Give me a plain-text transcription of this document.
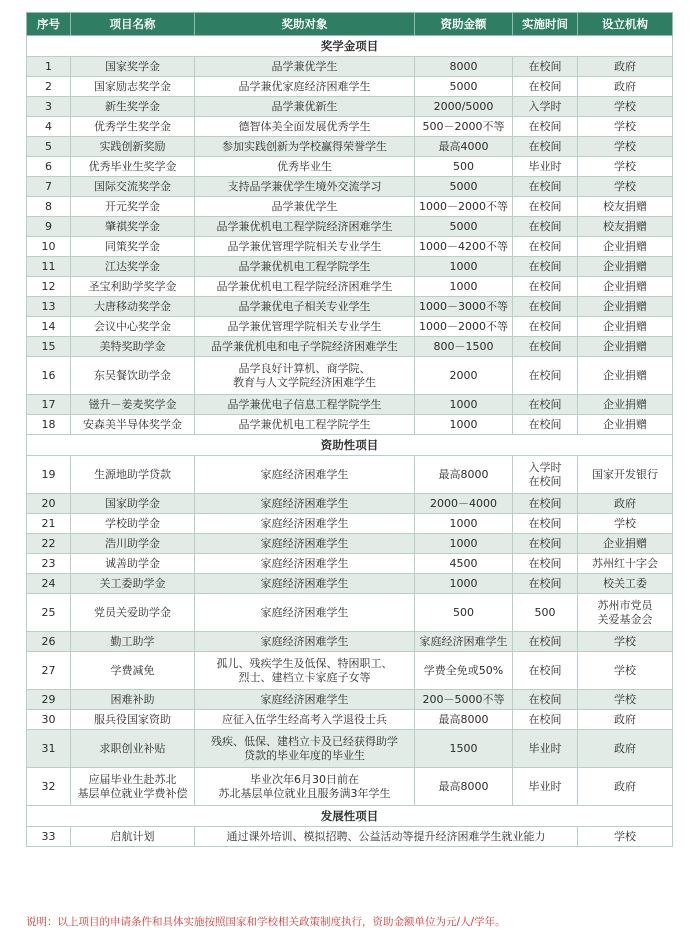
序号	项目名称	奖助对象	资助金额	实施时间	设立机构
奖学金项目					
1	国家奖学金	品学兼优学生	8000	在校间	政府
2	国家励志奖学金	品学兼优家庭经济困难学生	5000	在校间	政府
3	新生奖学金	品学兼优新生	2000/5000	入学时	学校
4	优秀学生奖学金	德智体美全面发展优秀学生	500－2000不等	在校间	学校
5	实践创新奖励	参加实践创新为学校赢得荣誉学生	最高4000	在校间	学校
6	优秀毕业生奖学金	优秀毕业生	500	毕业时	学校
7	国际交流奖学金	支持品学兼优学生境外交流学习	5000	在校间	学校
8	开元奖学金	品学兼优学生	1000－2000不等	在校间	校友捐赠
9	肇祺奖学金	品学兼优机电工程学院经济困难学生	5000	在校间	校友捐赠
10	同策奖学金	品学兼优管理学院相关专业学生	1000－4200不等	在校间	企业捐赠
11	江达奖学金	品学兼优机电工程学院学生	1000	在校间	企业捐赠
12	圣宝利助学奖学金	品学兼优机电工程学院经济困难学生	1000	在校间	企业捐赠
13	大唐移动奖学金	品学兼优电子相关专业学生	1000－3000不等	在校间	企业捐赠
14	会议中心奖学金	品学兼优管理学院相关专业学生	1000－2000不等	在校间	企业捐赠
15	美特奖助学金	品学兼优机电和电子学院经济困难学生	800－1500	在校间	企业捐赠
16	东吴餐饮助学金	品学良好计算机、商学院、
教育与人文学院经济困难学生	2000	在校间	企业捐赠
17	镃升－姜麦奖学金	品学兼优电子信息工程学院学生	1000	在校间	企业捐赠
18	安森美半导体奖学金	品学兼优机电工程学院学生	1000	在校间	企业捐赠
资助性项目					
19	生源地助学贷款	家庭经济困难学生	最高8000	入学时
在校间	国家开发银行
20	国家助学金	家庭经济困难学生	2000－4000	在校间	政府
21	学校助学金	家庭经济困难学生	1000	在校间	学校
22	浩川助学金	家庭经济困难学生	1000	在校间	企业捐赠
23	诚善助学金	家庭经济困难学生	4500	在校间	苏州红十字会
24	关工委助学金	家庭经济困难学生	1000	在校间	校关工委
25	党员关爱助学金	家庭经济困难学生	500	500	苏州市党员
关爱基金会
26	勤工助学	家庭经济困难学生	家庭经济困难学生	在校间	学校
27	学费减免	孤儿、残疾学生及低保、特困职工、
烈士、建档立卡家庭子女等	学费全免或50%	在校间	学校
29	困难补助	家庭经济困难学生	200－5000不等	在校间	学校
30	服兵役国家资助	应征入伍学生经高考入学退役士兵	最高8000	在校间	政府
31	求职创业补贴	残疾、低保、建档立卡及已经获得助学
贷款的毕业年度的毕业生	1500	毕业时	政府
32	应届毕业生赴苏北
基层单位就业学费补偿	毕业次年6月30日前在
苏北基层单位就业且服务满3年学生	最高8000	毕业时	政府
发展性项目					
33	启航计划	通过课外培训、模拟招聘、公益活动等提升经济困难学生就业能力			学校
说明：以上项目的申请条件和具体实施按照国家和学校相关政策制度执行，资助金额单位为元/人/学年。
